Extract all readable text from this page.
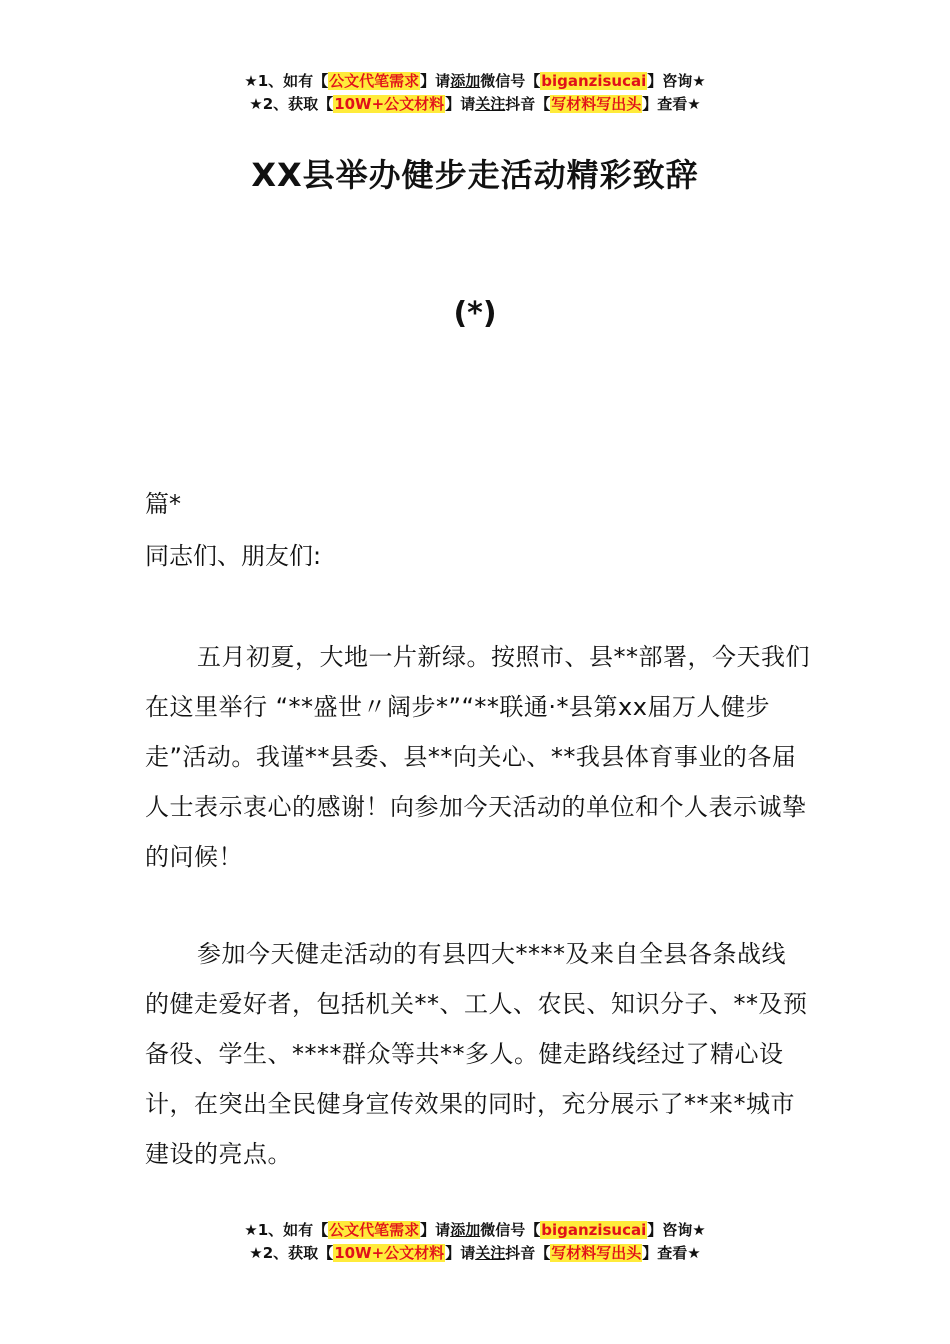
★1、如有【公文代笔需求】请添加微信号【biganzisucai】咨询★
★2、获取【10W+公文材料】请关注抖音【写材料写出头】查看★
XX县举办健步走活动精彩致辞
(*)
篇*
同志们、朋友们:

五月初夏，大地一片新绿。按照市、县**部署，今天我们在这里举行 “**盛世〃阔步*”“**联通·*县第xx届万人健步走”活动。我谨**县委、县**向关心、**我县体育事业的各届人士表示衷心的感谢！向参加今天活动的单位和个人表示诚挚的问候！

参加今天健走活动的有县四大****及来自全县各条战线的健走爱好者，包括机关**、工人、农民、知识分子、**及预备役、学生、****群众等共**多人。健走路线经过了精心设计，在突出全民健身宣传效果的同时，充分展示了**来*城市建设的亮点。

★1、如有【公文代笔需求】请添加微信号【biganzisucai】咨询★
★2、获取【10W+公文材料】请关注抖音【写材料写出头】查看★
